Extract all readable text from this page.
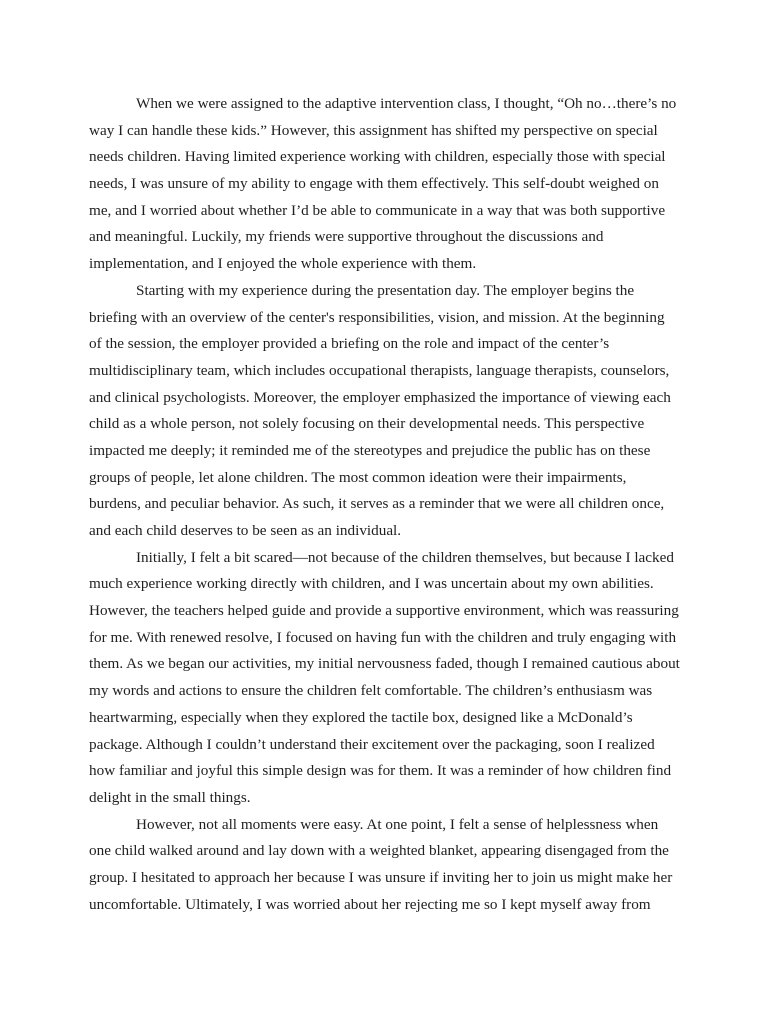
When we were assigned to the adaptive intervention class, I thought, “Oh no…there’s no
way I can handle these kids.” However, this assignment has shifted my perspective on special
needs children. Having limited experience working with children, especially those with special
needs, I was unsure of my ability to engage with them effectively. This self-doubt weighed on
me, and I worried about whether I’d be able to communicate in a way that was both supportive
and meaningful. Luckily, my friends were supportive throughout the discussions and
implementation, and I enjoyed the whole experience with them.
Starting with my experience during the presentation day. The employer begins the
briefing with an overview of the center's responsibilities, vision, and mission. At the beginning
of the session, the employer provided a briefing on the role and impact of the center’s
multidisciplinary team, which includes occupational therapists, language therapists, counselors,
and clinical psychologists. Moreover, the employer emphasized the importance of viewing each
child as a whole person, not solely focusing on their developmental needs. This perspective
impacted me deeply; it reminded me of the stereotypes and prejudice the public has on these
groups of people, let alone children. The most common ideation were their impairments,
burdens, and peculiar behavior. As such, it serves as a reminder that we were all children once,
and each child deserves to be seen as an individual.
Initially, I felt a bit scared—not because of the children themselves, but because I lacked
much experience working directly with children, and I was uncertain about my own abilities.
However, the teachers helped guide and provide a supportive environment, which was reassuring
for me. With renewed resolve, I focused on having fun with the children and truly engaging with
them. As we began our activities, my initial nervousness faded, though I remained cautious about
my words and actions to ensure the children felt comfortable. The children’s enthusiasm was
heartwarming, especially when they explored the tactile box, designed like a McDonald’s
package. Although I couldn’t understand their excitement over the packaging, soon I realized
how familiar and joyful this simple design was for them. It was a reminder of how children find
delight in the small things.
However, not all moments were easy. At one point, I felt a sense of helplessness when
one child walked around and lay down with a weighted blanket, appearing disengaged from the
group. I hesitated to approach her because I was unsure if inviting her to join us might make her
uncomfortable. Ultimately, I was worried about her rejecting me so I kept myself away from
